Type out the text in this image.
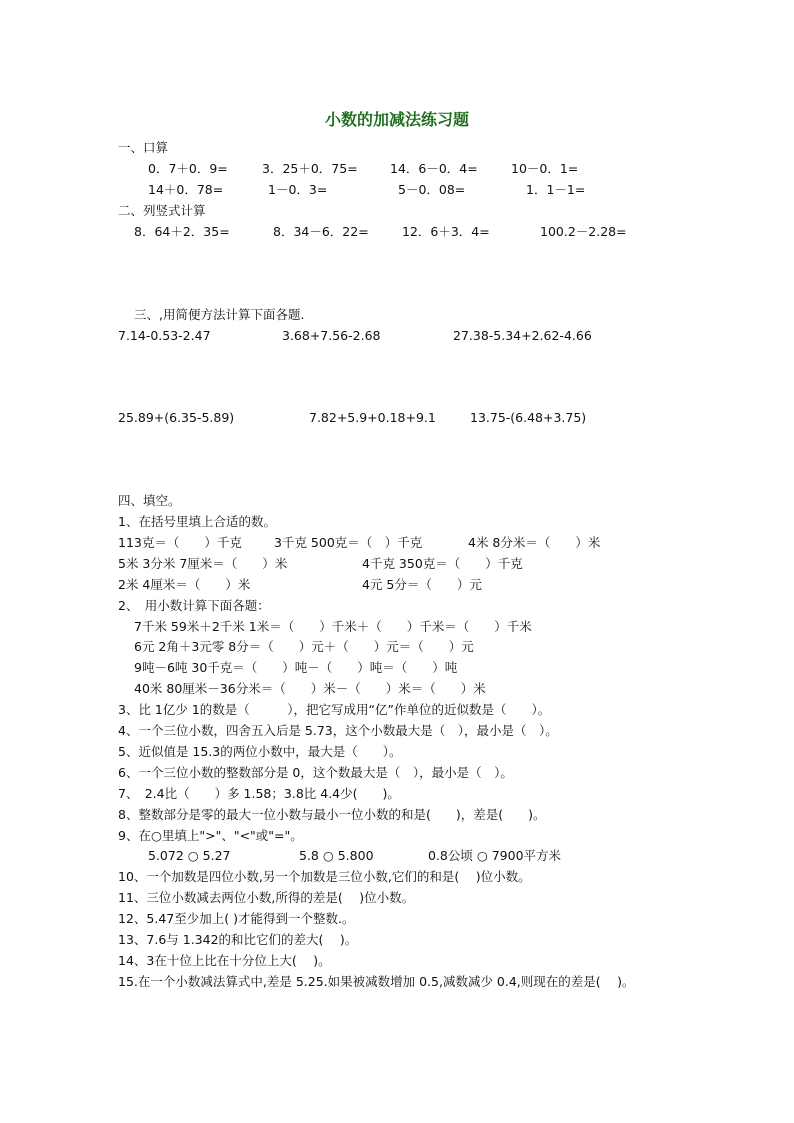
小数的加减法练习题
一、口算
0．7＋0．9=	3．25＋0．75=	14．6－0．4=	10－0．1=
14＋0．78=	1－0．3=	5－0．08=	1．1－1=
二、列竖式计算
8．64＋2．35=	8．34－6．22=	12．6＋3．4=	100.2－2.28=
三、,用简便方法计算下面各题.
7.14-0.53-2.47	3.68+7.56-2.68	27.38-5.34+2.62-4.66
25.89+(6.35-5.89)	7.82+5.9+0.18+9.1	13.75-(6.48+3.75)
四、填空。
1、在括号里填上合适的数。
113克＝（　　）千克	3千克 500克＝（　）千克	4米 8分米＝（　　）米
5米 3分米 7厘米＝（　　）米	4千克 350克＝（　　）千克
2米 4厘米＝（　　）米	4元 5分＝（　　）元
2、　用小数计算下面各题：
7千米 59米＋2千米 1米＝（　　）千米＋（　　）千米＝（　　）千米
6元 2角＋3元零 8分＝（　　）元＋（　　）元＝（　　）元
9吨－6吨 30千克＝（　　）吨－（　　）吨＝（　　）吨
40米 80厘米－36分米＝（　　）米－（　　）米＝（　　）米
3、比 1亿少 1的数是（　　　），把它写成用“亿”作单位的近似数是（　　）。
4、一个三位小数，四舍五入后是 5.73，这个小数最大是（　），最小是（　）。
5、近似值是 15.3的两位小数中，最大是（　　）。
6、一个三位小数的整数部分是 0，这个数最大是（　），最小是（　）。
7、　2.4比（　　）多 1.58；3.8比 4.4少(　　)。
8、整数部分是零的最大一位小数与最小一位小数的和是(　　)，差是(　　)。
9、在○里填上">"、"<"或"="。
5.072 ○ 5.27	5.8 ○ 5.800	0.8公顷 ○ 7900平方米
10、一个加数是四位小数,另一个加数是三位小数,它们的和是(　 )位小数。
11、三位小数减去两位小数,所得的差是(　 )位小数。
12、5.47至少加上( )才能得到一个整数.。
13、7.6与 1.342的和比它们的差大(　 )。
14、3在十位上比在十分位上大(　 )。
15.在一个小数减法算式中,差是 5.25.如果被减数增加 0.5,减数减少 0.4,则现在的差是(　 )。
